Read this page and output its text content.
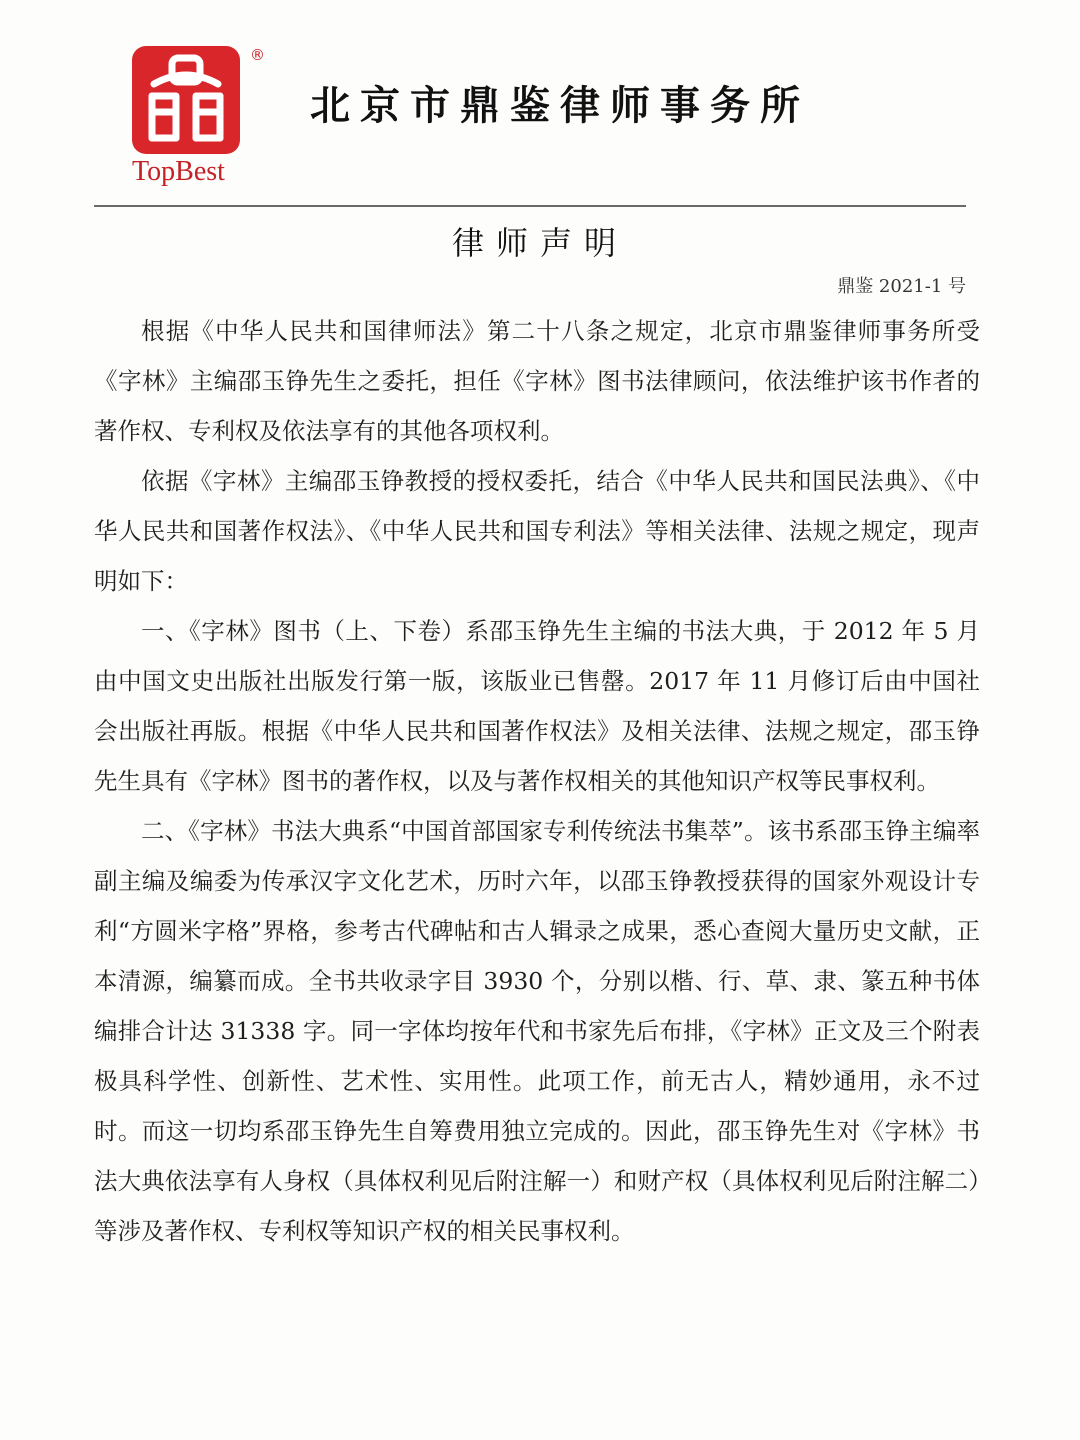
®
TopBest
北京市鼎鉴律师事务所
律师声明
鼎鉴 2021-1 号

根据《中华人民共和国律师法》第二十八条之规定，北京市鼎鉴律师事务所受《字林》主编邵玉铮先生之委托，担任《字林》图书法律顾问，依法维护该书作者的著作权、专利权及依法享有的其他各项权利。

依据《字林》主编邵玉铮教授的授权委托，结合《中华人民共和国民法典》、《中华人民共和国著作权法》、《中华人民共和国专利法》等相关法律、法规之规定，现声明如下：

一、《字林》图书（上、下卷）系邵玉铮先生主编的书法大典，于 2012 年 5 月由中国文史出版社出版发行第一版，该版业已售罄。2017 年 11 月修订后由中国社会出版社再版。根据《中华人民共和国著作权法》及相关法律、法规之规定，邵玉铮先生具有《字林》图书的著作权，以及与著作权相关的其他知识产权等民事权利。

二、《字林》书法大典系“中国首部国家专利传统法书集萃”。该书系邵玉铮主编率副主编及编委为传承汉字文化艺术，历时六年，以邵玉铮教授获得的国家外观设计专利“方圆米字格”界格，参考古代碑帖和古人辑录之成果，悉心查阅大量历史文献，正本清源，编纂而成。全书共收录字目 3930 个，分别以楷、行、草、隶、篆五种书体编排合计达 31338 字。同一字体均按年代和书家先后布排，《字林》正文及三个附表极具科学性、创新性、艺术性、实用性。此项工作，前无古人，精妙通用，永不过时。而这一切均系邵玉铮先生自筹费用独立完成的。因此，邵玉铮先生对《字林》书法大典依法享有人身权（具体权利见后附注解一）和财产权（具体权利见后附注解二）等涉及著作权、专利权等知识产权的相关民事权利。
